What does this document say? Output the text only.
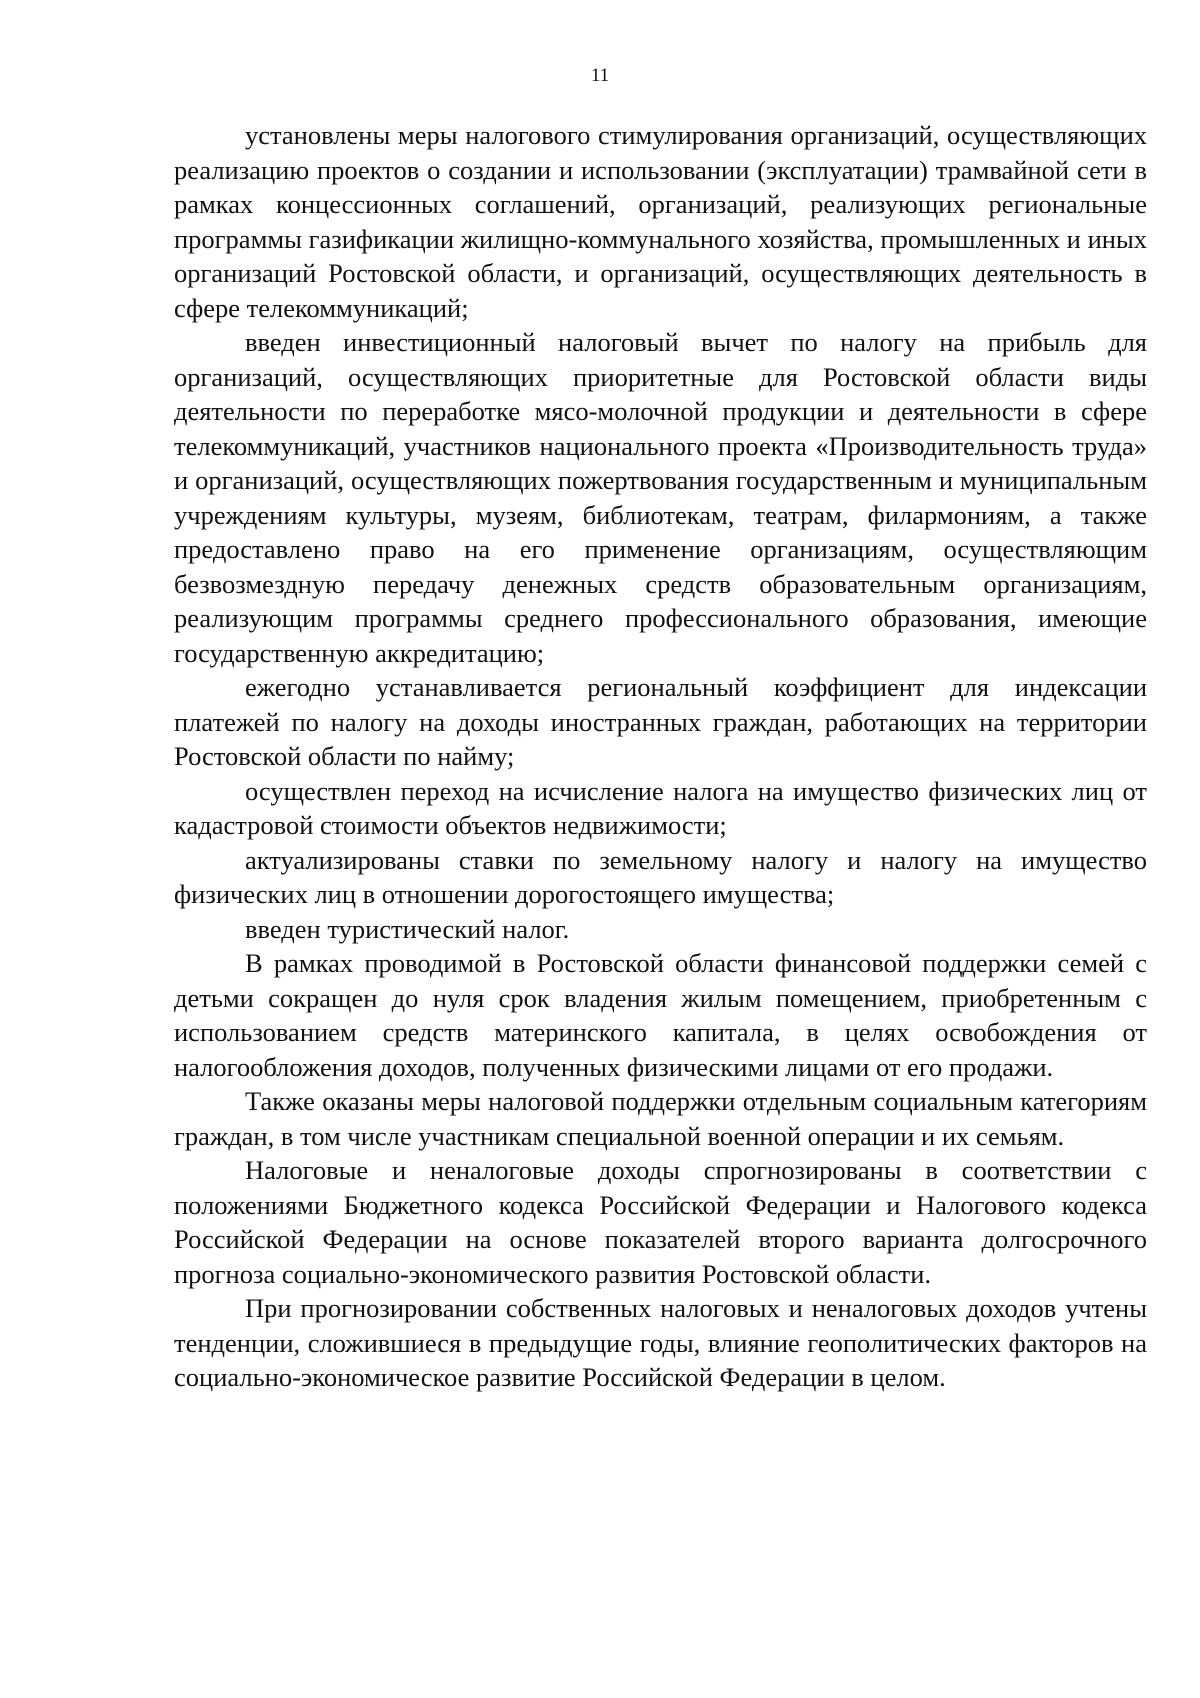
11

установлены меры налогового стимулирования организаций, осуществляющих реализацию проектов о создании и использовании (эксплуатации) трамвайной сети в рамках концессионных соглашений, организаций, реализующих региональные программы газификации жилищно-коммунального хозяйства, промышленных и иных организаций Ростовской области, и организаций, осуществляющих деятельность в сфере телекоммуникаций;

введен инвестиционный налоговый вычет по налогу на прибыль для организаций, осуществляющих приоритетные для Ростовской области виды деятельности по переработке мясо-молочной продукции и деятельности в сфере телекоммуникаций, участников национального проекта «Производительность труда» и организаций, осуществляющих пожертвования государственным и муниципальным учреждениям культуры, музеям, библиотекам, театрам, филармониям, а также предоставлено право на его применение организациям, осуществляющим безвозмездную передачу денежных средств образовательным организациям, реализующим программы среднего профессионального образования, имеющие государственную аккредитацию;

ежегодно устанавливается региональный коэффициент для индексации платежей по налогу на доходы иностранных граждан, работающих на территории Ростовской области по найму;

осуществлен переход на исчисление налога на имущество физических лиц от кадастровой стоимости объектов недвижимости;

актуализированы ставки по земельному налогу и налогу на имущество физических лиц в отношении дорогостоящего имущества;

введен туристический налог.

В рамках проводимой в Ростовской области финансовой поддержки семей с детьми сокращен до нуля срок владения жилым помещением, приобретенным с использованием средств материнского капитала, в целях освобождения от налогообложения доходов, полученных физическими лицами от его продажи.

Также оказаны меры налоговой поддержки отдельным социальным категориям граждан, в том числе участникам специальной военной операции и их семьям.

Налоговые и неналоговые доходы спрогнозированы в соответствии с положениями Бюджетного кодекса Российской Федерации и Налогового кодекса Российской Федерации на основе показателей второго варианта долгосрочного прогноза социально-экономического развития Ростовской области.

При прогнозировании собственных налоговых и неналоговых доходов учтены тенденции, сложившиеся в предыдущие годы, влияние геополитических факторов на социально-экономическое развитие Российской Федерации в целом.
